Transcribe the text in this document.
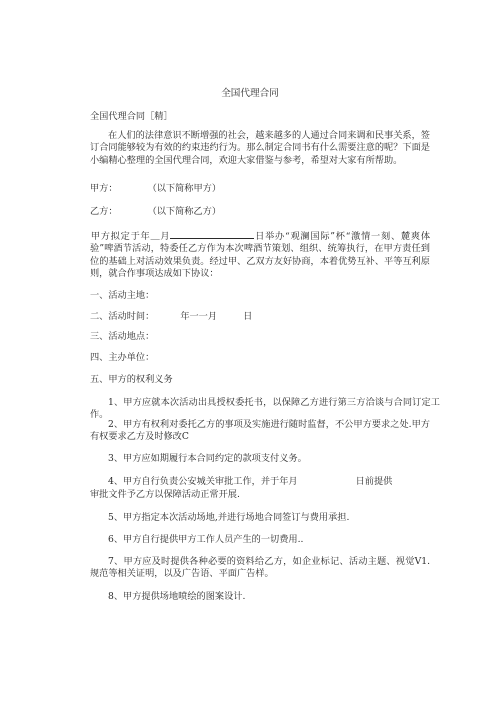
全国代理合同
全国代理合同［精］
在人们的法律意识不断增强的社会，越来越多的人通过合同来调和民事关系，签订合同能够较为有效的约束违约行为。那么制定合同书有什么需要注意的呢？下面是小编精心整理的全国代理合同，欢迎大家借鉴与参考，希望对大家有所帮助。
甲方：	（以下简称甲方）
乙方：	（以下简称乙方）
甲方拟定于年＿月	日举办“观澜国际”杯“激情一刻、麓爽体验”啤酒节活动，特委任乙方作为本次啤酒节策划、组织、统筹执行，在甲方责任到位的基础上对活动效果负责。经过甲、乙双方友好协商，本着优势互补、平等互利原则，就合作事项达成如下协议：
一、活动主地：
二、活动时间：	年一一月	日
三、活动地点：
四、主办单位：
五、甲方的权利义务
1、甲方应就本次活动出具授权委托书，以保障乙方进行第三方洽谈与合同订定工作。
2、甲方有权利对委托乙方的事项及实施进行随时监督，不公甲方要求之处.甲方有权要求乙方及时修改C
3、甲方应如期履行本合同约定的款项支付义务。
4、甲方自行负责公安城关审批工作，并于年月	日前提供
审批文件予乙方以保障活动正常开展.
5、甲方指定本次活动场地,并进行场地合同签订与费用承担.
6、甲方自行提供甲方工作人员产生的一切费用..
7、甲方应及时提供各种必要的资料给乙方，如企业标记、活动主题、视觉V1.规范等相关证明，以及广告语、平面广告样。
8、甲方提供场地喷绘的图案设计.
